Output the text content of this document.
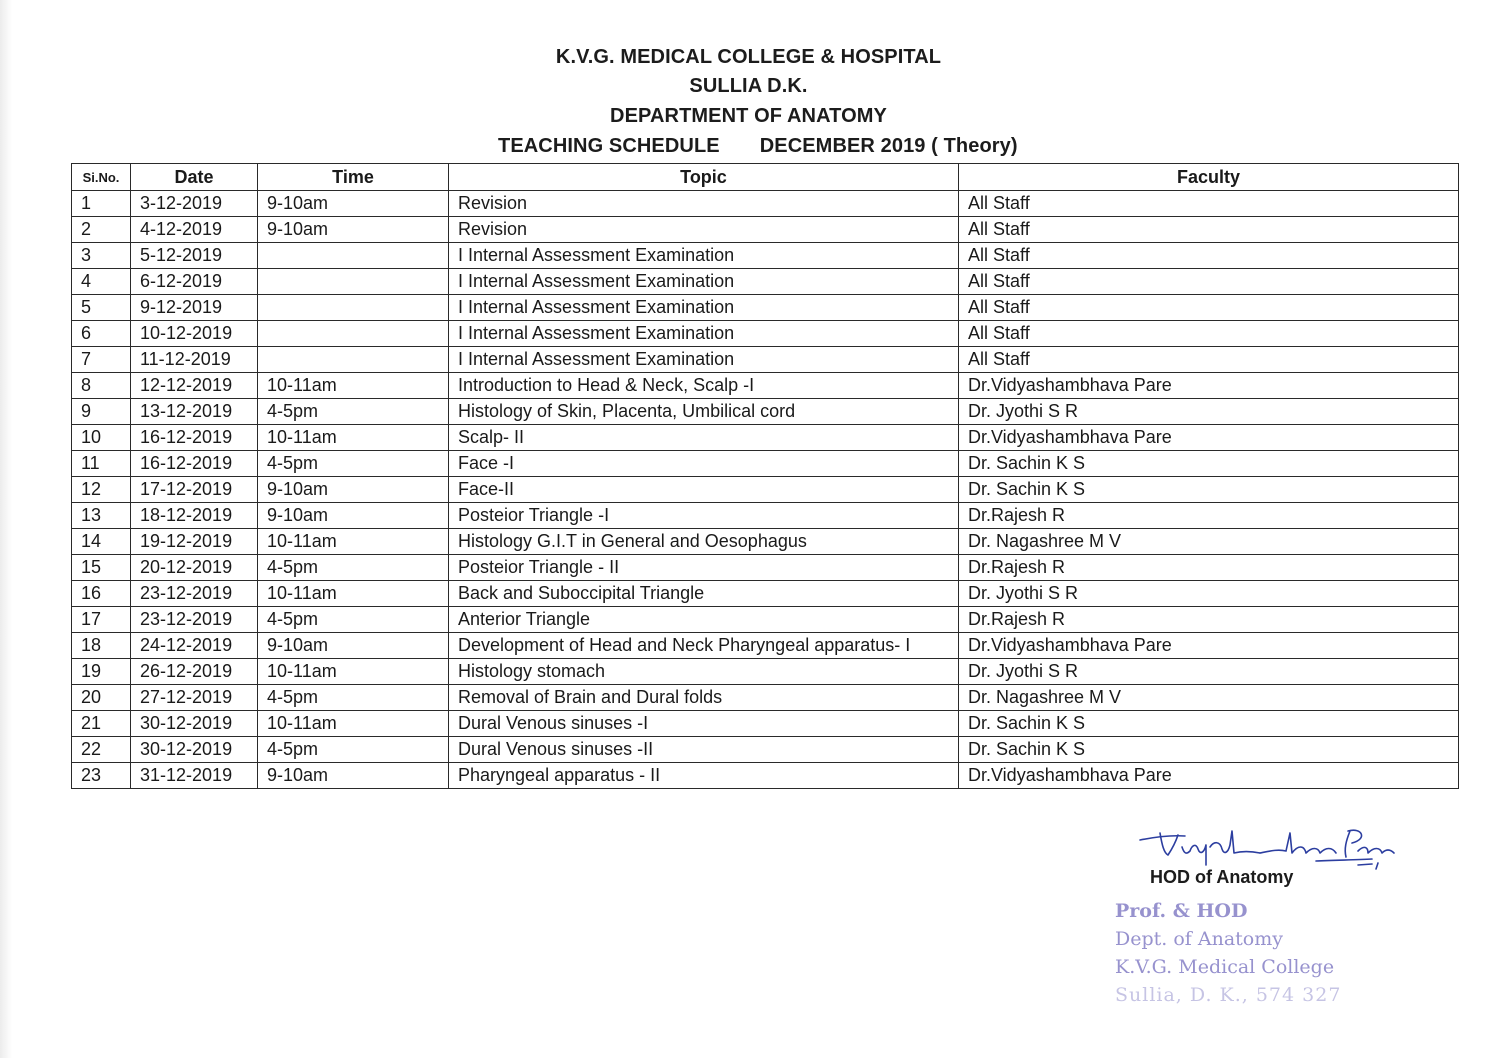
K.V.G. MEDICAL COLLEGE & HOSPITAL
SULLIA D.K.
DEPARTMENT OF ANATOMY
TEACHING SCHEDULE DECEMBER 2019 ( Theory)
Si.No.	Date	Time	Topic	Faculty
1	3-12-2019	9-10am	Revision	All Staff
2	4-12-2019	9-10am	Revision	All Staff
3	5-12-2019		I Internal Assessment Examination	All Staff
4	6-12-2019		I Internal Assessment Examination	All Staff
5	9-12-2019		I Internal Assessment Examination	All Staff
6	10-12-2019		I Internal Assessment Examination	All Staff
7	11-12-2019		I Internal Assessment Examination	All Staff
8	12-12-2019	10-11am	Introduction to Head & Neck, Scalp -I	Dr.Vidyashambhava Pare
9	13-12-2019	4-5pm	Histology of Skin, Placenta, Umbilical cord	Dr. Jyothi S R
10	16-12-2019	10-11am	Scalp- II	Dr.Vidyashambhava Pare
11	16-12-2019	4-5pm	Face -I	Dr. Sachin K S
12	17-12-2019	9-10am	Face-II	Dr. Sachin K S
13	18-12-2019	9-10am	Posteior Triangle -I	Dr.Rajesh R
14	19-12-2019	10-11am	Histology G.I.T in General and Oesophagus	Dr. Nagashree M V
15	20-12-2019	4-5pm	Posteior Triangle - II	Dr.Rajesh R
16	23-12-2019	10-11am	Back and Suboccipital Triangle	Dr. Jyothi S R
17	23-12-2019	4-5pm	Anterior Triangle	Dr.Rajesh R
18	24-12-2019	9-10am	Development of Head and Neck Pharyngeal apparatus- I	Dr.Vidyashambhava Pare
19	26-12-2019	10-11am	Histology stomach	Dr. Jyothi S R
20	27-12-2019	4-5pm	Removal of Brain and Dural folds	Dr. Nagashree M V
21	30-12-2019	10-11am	Dural Venous sinuses -I	Dr. Sachin K S
22	30-12-2019	4-5pm	Dural Venous sinuses -II	Dr. Sachin K S
23	31-12-2019	9-10am	Pharyngeal apparatus - II	Dr.Vidyashambhava Pare
HOD of Anatomy
Prof. & HOD
Dept. of Anatomy
K.V.G. Medical College
Sullia, D. K., 574 327
